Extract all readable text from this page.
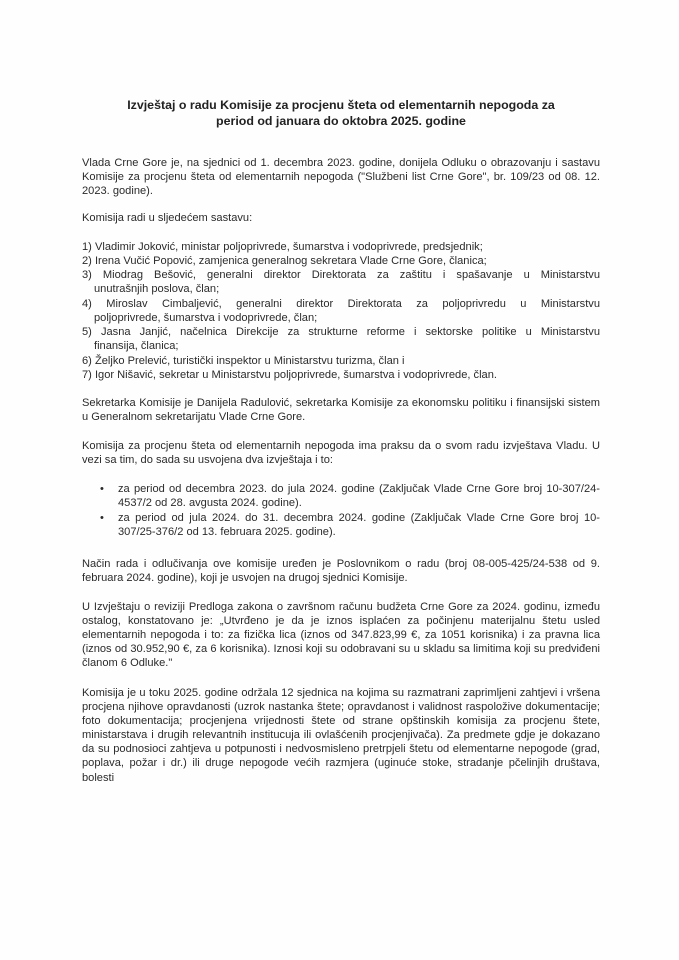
Izvještaj o radu Komisije za procjenu šteta od elementarnih nepogoda za
period od januara do oktobra 2025. godine
Vlada Crne Gore je, na sjednici od 1. decembra 2023. godine, donijela Odluku o obrazovanju i sastavu Komisije za procjenu šteta od elementarnih nepogoda ("Službeni list Crne Gore", br. 109/23 od 08. 12. 2023. godine).
Komisija radi u sljedećem sastavu:
1) Vladimir Joković, ministar poljoprivrede, šumarstva i vodoprivrede, predsjednik;
2) Irena Vučić Popović, zamjenica generalnog sekretara Vlade Crne Gore, članica;
3) Miodrag Bešović, generalni direktor Direktorata za zaštitu i spašavanje u Ministarstvu
unutrašnjih poslova, član;
4) Miroslav Cimbaljević, generalni direktor Direktorata za poljoprivredu u Ministarstvu
poljoprivrede, šumarstva i vodoprivrede, član;
5) Jasna Janjić, načelnica Direkcije za strukturne reforme i sektorske politike u Ministarstvu
finansija, članica;
6) Željko Prelević, turistički inspektor u Ministarstvu turizma, član i
7) Igor Nišavić, sekretar u Ministarstvu poljoprivrede, šumarstva i vodoprivrede, član.
Sekretarka Komisije je Danijela Radulović, sekretarka Komisije za ekonomsku politiku i finansijski sistem u Generalnom sekretarijatu Vlade Crne Gore.
Komisija za procjenu šteta od elementarnih nepogoda ima praksu da o svom radu izvještava Vladu. U vezi sa tim, do sada su usvojena dva izvještaja i to:
• za period od decembra 2023. do jula 2024. godine (Zaključak Vlade Crne Gore broj 10-307/24-4537/2 od 28. avgusta 2024. godine).
• za period od jula 2024. do 31. decembra 2024. godine (Zaključak Vlade Crne Gore broj 10-307/25-376/2 od 13. februara 2025. godine).
Način rada i odlučivanja ove komisije uređen je Poslovnikom o radu (broj 08-005-425/24-538 od 9. februara 2024. godine), koji je usvojen na drugoj sjednici Komisije.
U Izvještaju o reviziji Predloga zakona o završnom računu budžeta Crne Gore za 2024. godinu, između ostalog, konstatovano je: „Utvrđeno je da je iznos isplaćen za počinjenu materijalnu štetu usled elementarnih nepogoda i to: za fizička lica (iznos od 347.823,99 €, za 1051 korisnika) i za pravna lica (iznos od 30.952,90 €, za 6 korisnika). Iznosi koji su odobravani su u skladu sa limitima koji su predviđeni članom 6 Odluke."
Komisija je u toku 2025. godine održala 12 sjednica na kojima su razmatrani zaprimljeni zahtjevi i vršena procjena njihove opravdanosti (uzrok nastanka štete; opravdanost i validnost raspoložive dokumentacije; foto dokumentacija; procjenjena vrijednosti štete od strane opštinskih komisija za procjenu štete, ministarstava i drugih relevantnih institucuja ili ovlašćenih procjenjivača). Za predmete gdje je dokazano da su podnosioci zahtjeva u potpunosti i nedvosmisleno pretrpjeli štetu od elementarne nepogode (grad, poplava, požar i dr.) ili druge nepogode većih razmjera (uginuće stoke, stradanje pčelinjih društava, bolesti
